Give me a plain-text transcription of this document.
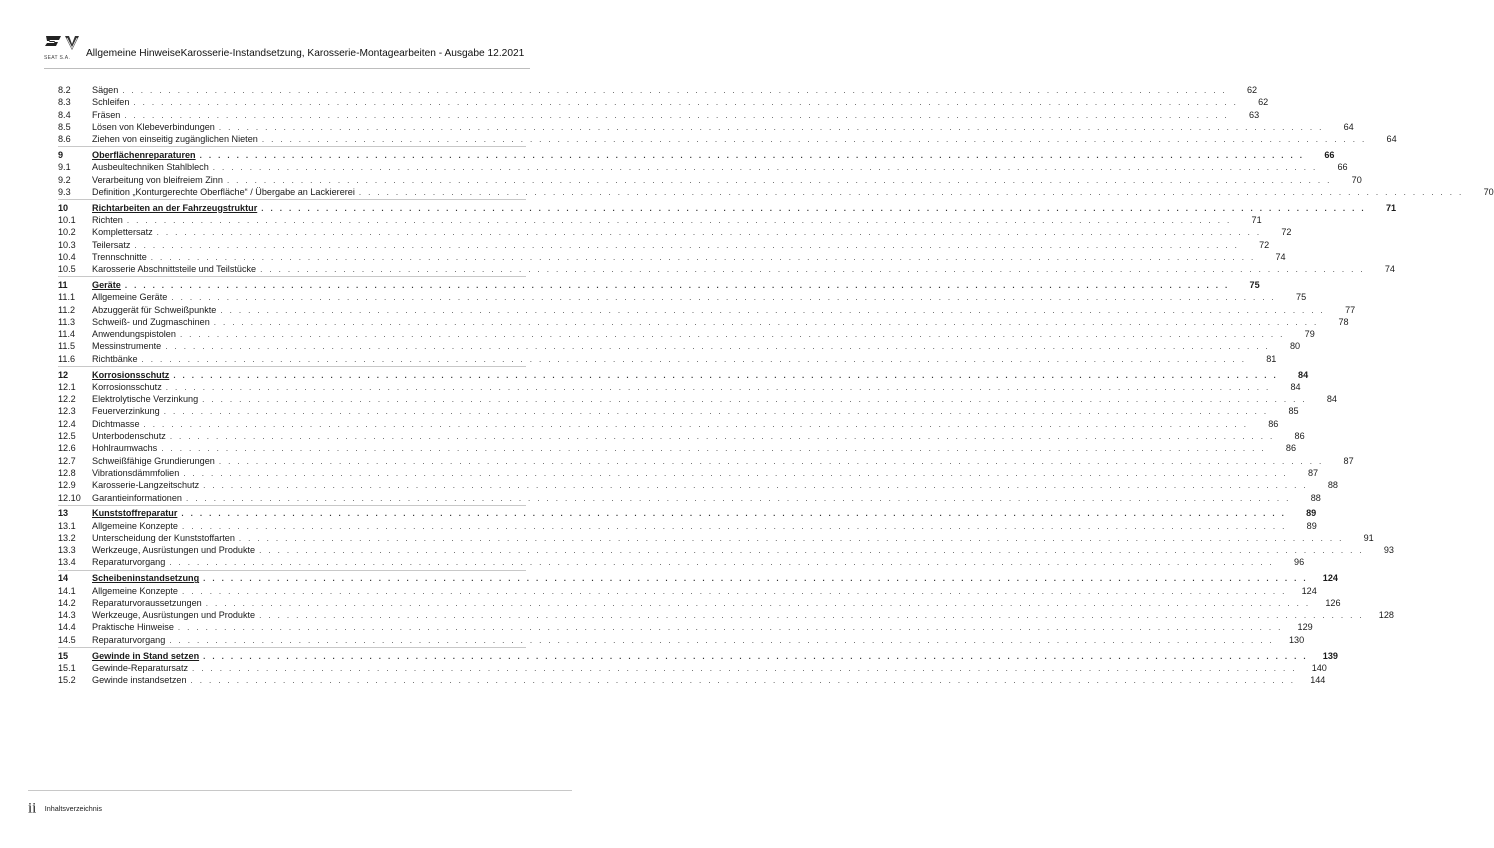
SEAT S.A. Allgemeine HinweiseKarosserie-Instandsetzung, Karosserie-Montagearbeiten - Ausgabe 12.2021
8.2	Sägen . . . . . . . . . . . . . . . . . . . . . . . . . . . . . . . . . . . . . . . . . . . . . . . . . . . . . . . . . . . . . . . . . . . . . . . . . . . . . . . . . . . . . . . . . . . . . . . . . . . . . . . . . . . . . . . . . . . . . . . .	62
8.3	Schleifen . . . . . . . . . . . . . . . . . . . . . . . . . . . . . . . . . . . . . . . . . . . . . . . . . . . . . . . . . . . . . . . . . . . . . . . . . . . . . . . . . . . . . . . . . . . . . . . . . . . . . . . . . . . . . . . . . . . . . . . .	62
8.4	Fräsen . . . . . . . . . . . . . . . . . . . . . . . . . . . . . . . . . . . . . . . . . . . . . . . . . . . . . . . . . . . . . . . . . . . . . . . . . . . . . . . . . . . . . . . . . . . . . . . . . . . . . . . . . . . . . . . . . . . . . . . .	63
8.5	Lösen von Klebeverbindungen . . . . . . . . . . . . . . . . . . . . . . . . . . . . . . . . . . . . . . . . . . . . . . . . . . . . . . . . . . . . . . . . . . . . . . . . . . . . . . . . . . . . . . . . . . . . . . . . . . . . . . . . . . . . . . . . . . . . . . . .	64
8.6	Ziehen von einseitig zugänglichen Nieten . . . . . . . . . . . . . . . . . . . . . . . . . . . . . . . . . . . . . . . . . . . . . . . . . . . . . . . . . . . . . . . . . . . . . . . . . . . . . . . . . . . . . . . . . . . . . . . . . . . . . . . . . . . . . . . . . . . . . . . .	64
9	Oberflächenreparaturen . . . . . . . . . . . . . . . . . . . . . . . . . . . . . . . . . . . . . . . . . . . . . . . . . . . . . . . . . . . . . . . . . . . . . . . . . . . . . . . . . . . . . . . . . . . . . . . . . . . . . . . . . . . . . . . . . . . . . . . .	66
9.1	Ausbeultechniken Stahlblech . . . . . . . . . . . . . . . . . . . . . . . . . . . . . . . . . . . . . . . . . . . . . . . . . . . . . . . . . . . . . . . . . . . . . . . . . . . . . . . . . . . . . . . . . . . . . . . . . . . . . . . . . . . . . . . . . . . . . . . .	66
9.2	Verarbeitung von bleifreiem Zinn . . . . . . . . . . . . . . . . . . . . . . . . . . . . . . . . . . . . . . . . . . . . . . . . . . . . . . . . . . . . . . . . . . . . . . . . . . . . . . . . . . . . . . . . . . . . . . . . . . . . . . . . . . . . . . . . . . . . . . . .	70
9.3	Definition „Konturgerechte Oberfläche“ / Übergabe an Lackiererei . . . . . . . . . . . . . . . . . . . . . . . . . . . . . . . . . . . . . . . . . . . . . . . . . . . . . . . . . . . . . . . . . . . . . . . . . . . . . . . . . . . . . . . . . . . . . . . . . . . . . . . . . . . . . . . . . . . . . . . .	70
10	Richtarbeiten an der Fahrzeugstruktur . . . . . . . . . . . . . . . . . . . . . . . . . . . . . . . . . . . . . . . . . . . . . . . . . . . . . . . . . . . . . . . . . . . . . . . . . . . . . . . . . . . . . . . . . . . . . . . . . . . . . . . . . . . . . . . . . . . . . . . .	71
10.1	Richten . . . . . . . . . . . . . . . . . . . . . . . . . . . . . . . . . . . . . . . . . . . . . . . . . . . . . . . . . . . . . . . . . . . . . . . . . . . . . . . . . . . . . . . . . . . . . . . . . . . . . . . . . . . . . . . . . . . . . . . .	71
10.2	Komplettersatz . . . . . . . . . . . . . . . . . . . . . . . . . . . . . . . . . . . . . . . . . . . . . . . . . . . . . . . . . . . . . . . . . . . . . . . . . . . . . . . . . . . . . . . . . . . . . . . . . . . . . . . . . . . . . . . . . . . . . . . .	72
10.3	Teilersatz . . . . . . . . . . . . . . . . . . . . . . . . . . . . . . . . . . . . . . . . . . . . . . . . . . . . . . . . . . . . . . . . . . . . . . . . . . . . . . . . . . . . . . . . . . . . . . . . . . . . . . . . . . . . . . . . . . . . . . . .	72
10.4	Trennschnitte . . . . . . . . . . . . . . . . . . . . . . . . . . . . . . . . . . . . . . . . . . . . . . . . . . . . . . . . . . . . . . . . . . . . . . . . . . . . . . . . . . . . . . . . . . . . . . . . . . . . . . . . . . . . . . . . . . . . . . . .	74
10.5	Karosserie Abschnittsteile und Teilstücke . . . . . . . . . . . . . . . . . . . . . . . . . . . . . . . . . . . . . . . . . . . . . . . . . . . . . . . . . . . . . . . . . . . . . . . . . . . . . . . . . . . . . . . . . . . . . . . . . . . . . . . . . . . . . . . . . . . . . . . .	74
11	Geräte . . . . . . . . . . . . . . . . . . . . . . . . . . . . . . . . . . . . . . . . . . . . . . . . . . . . . . . . . . . . . . . . . . . . . . . . . . . . . . . . . . . . . . . . . . . . . . . . . . . . . . . . . . . . . . . . . . . . . . . .	75
11.1	Allgemeine Geräte . . . . . . . . . . . . . . . . . . . . . . . . . . . . . . . . . . . . . . . . . . . . . . . . . . . . . . . . . . . . . . . . . . . . . . . . . . . . . . . . . . . . . . . . . . . . . . . . . . . . . . . . . . . . . . . . . . . . . . . .	75
11.2	Abzuggerät für Schweißpunkte . . . . . . . . . . . . . . . . . . . . . . . . . . . . . . . . . . . . . . . . . . . . . . . . . . . . . . . . . . . . . . . . . . . . . . . . . . . . . . . . . . . . . . . . . . . . . . . . . . . . . . . . . . . . . . . . . . . . . . . .	77
11.3	Schweiß- und Zugmaschinen . . . . . . . . . . . . . . . . . . . . . . . . . . . . . . . . . . . . . . . . . . . . . . . . . . . . . . . . . . . . . . . . . . . . . . . . . . . . . . . . . . . . . . . . . . . . . . . . . . . . . . . . . . . . . . . . . . . . . . . .	78
11.4	Anwendungspistolen . . . . . . . . . . . . . . . . . . . . . . . . . . . . . . . . . . . . . . . . . . . . . . . . . . . . . . . . . . . . . . . . . . . . . . . . . . . . . . . . . . . . . . . . . . . . . . . . . . . . . . . . . . . . . . . . . . . . . . . .	79
11.5	Messinstrumente . . . . . . . . . . . . . . . . . . . . . . . . . . . . . . . . . . . . . . . . . . . . . . . . . . . . . . . . . . . . . . . . . . . . . . . . . . . . . . . . . . . . . . . . . . . . . . . . . . . . . . . . . . . . . . . . . . . . . . . .	80
11.6	Richtbänke . . . . . . . . . . . . . . . . . . . . . . . . . . . . . . . . . . . . . . . . . . . . . . . . . . . . . . . . . . . . . . . . . . . . . . . . . . . . . . . . . . . . . . . . . . . . . . . . . . . . . . . . . . . . . . . . . . . . . . . .	81
12	Korrosionsschutz . . . . . . . . . . . . . . . . . . . . . . . . . . . . . . . . . . . . . . . . . . . . . . . . . . . . . . . . . . . . . . . . . . . . . . . . . . . . . . . . . . . . . . . . . . . . . . . . . . . . . . . . . . . . . . . . . . . . . . . .	84
12.1	Korrosionsschutz . . . . . . . . . . . . . . . . . . . . . . . . . . . . . . . . . . . . . . . . . . . . . . . . . . . . . . . . . . . . . . . . . . . . . . . . . . . . . . . . . . . . . . . . . . . . . . . . . . . . . . . . . . . . . . . . . . . . . . . .	84
12.2	Elektrolytische Verzinkung . . . . . . . . . . . . . . . . . . . . . . . . . . . . . . . . . . . . . . . . . . . . . . . . . . . . . . . . . . . . . . . . . . . . . . . . . . . . . . . . . . . . . . . . . . . . . . . . . . . . . . . . . . . . . . . . . . . . . . . .	84
12.3	Feuerverzinkung . . . . . . . . . . . . . . . . . . . . . . . . . . . . . . . . . . . . . . . . . . . . . . . . . . . . . . . . . . . . . . . . . . . . . . . . . . . . . . . . . . . . . . . . . . . . . . . . . . . . . . . . . . . . . . . . . . . . . . . .	85
12.4	Dichtmasse . . . . . . . . . . . . . . . . . . . . . . . . . . . . . . . . . . . . . . . . . . . . . . . . . . . . . . . . . . . . . . . . . . . . . . . . . . . . . . . . . . . . . . . . . . . . . . . . . . . . . . . . . . . . . . . . . . . . . . . .	86
12.5	Unterbodenschutz . . . . . . . . . . . . . . . . . . . . . . . . . . . . . . . . . . . . . . . . . . . . . . . . . . . . . . . . . . . . . . . . . . . . . . . . . . . . . . . . . . . . . . . . . . . . . . . . . . . . . . . . . . . . . . . . . . . . . . . .	86
12.6	Hohlraumwachs . . . . . . . . . . . . . . . . . . . . . . . . . . . . . . . . . . . . . . . . . . . . . . . . . . . . . . . . . . . . . . . . . . . . . . . . . . . . . . . . . . . . . . . . . . . . . . . . . . . . . . . . . . . . . . . . . . . . . . . .	86
12.7	Schweißfähige Grundierungen . . . . . . . . . . . . . . . . . . . . . . . . . . . . . . . . . . . . . . . . . . . . . . . . . . . . . . . . . . . . . . . . . . . . . . . . . . . . . . . . . . . . . . . . . . . . . . . . . . . . . . . . . . . . . . . . . . . . . . . .	87
12.8	Vibrationsdämmfolien . . . . . . . . . . . . . . . . . . . . . . . . . . . . . . . . . . . . . . . . . . . . . . . . . . . . . . . . . . . . . . . . . . . . . . . . . . . . . . . . . . . . . . . . . . . . . . . . . . . . . . . . . . . . . . . . . . . . . . . .	87
12.9	Karosserie-Langzeitschutz . . . . . . . . . . . . . . . . . . . . . . . . . . . . . . . . . . . . . . . . . . . . . . . . . . . . . . . . . . . . . . . . . . . . . . . . . . . . . . . . . . . . . . . . . . . . . . . . . . . . . . . . . . . . . . . . . . . . . . . .	88
12.10	Garantieinformationen . . . . . . . . . . . . . . . . . . . . . . . . . . . . . . . . . . . . . . . . . . . . . . . . . . . . . . . . . . . . . . . . . . . . . . . . . . . . . . . . . . . . . . . . . . . . . . . . . . . . . . . . . . . . . . . . . . . . . . . .	88
13	Kunststoffreparatur . . . . . . . . . . . . . . . . . . . . . . . . . . . . . . . . . . . . . . . . . . . . . . . . . . . . . . . . . . . . . . . . . . . . . . . . . . . . . . . . . . . . . . . . . . . . . . . . . . . . . . . . . . . . . . . . . . . . . . . .	89
13.1	Allgemeine Konzepte . . . . . . . . . . . . . . . . . . . . . . . . . . . . . . . . . . . . . . . . . . . . . . . . . . . . . . . . . . . . . . . . . . . . . . . . . . . . . . . . . . . . . . . . . . . . . . . . . . . . . . . . . . . . . . . . . . . . . . . .	89
13.2	Unterscheidung der Kunststoffarten . . . . . . . . . . . . . . . . . . . . . . . . . . . . . . . . . . . . . . . . . . . . . . . . . . . . . . . . . . . . . . . . . . . . . . . . . . . . . . . . . . . . . . . . . . . . . . . . . . . . . . . . . . . . . . . . . . . . . . . .	91
13.3	Werkzeuge, Ausrüstungen und Produkte . . . . . . . . . . . . . . . . . . . . . . . . . . . . . . . . . . . . . . . . . . . . . . . . . . . . . . . . . . . . . . . . . . . . . . . . . . . . . . . . . . . . . . . . . . . . . . . . . . . . . . . . . . . . . . . . . . . . . . . .	93
13.4	Reparaturvorgang . . . . . . . . . . . . . . . . . . . . . . . . . . . . . . . . . . . . . . . . . . . . . . . . . . . . . . . . . . . . . . . . . . . . . . . . . . . . . . . . . . . . . . . . . . . . . . . . . . . . . . . . . . . . . . . . . . . . . . . .	96
14	Scheibeninstandsetzung . . . . . . . . . . . . . . . . . . . . . . . . . . . . . . . . . . . . . . . . . . . . . . . . . . . . . . . . . . . . . . . . . . . . . . . . . . . . . . . . . . . . . . . . . . . . . . . . . . . . . . . . . . . . . . . . . . . . . . . .	124
14.1	Allgemeine Konzepte . . . . . . . . . . . . . . . . . . . . . . . . . . . . . . . . . . . . . . . . . . . . . . . . . . . . . . . . . . . . . . . . . . . . . . . . . . . . . . . . . . . . . . . . . . . . . . . . . . . . . . . . . . . . . . . . . . . . . . . .	124
14.2	Reparaturvoraussetzungen . . . . . . . . . . . . . . . . . . . . . . . . . . . . . . . . . . . . . . . . . . . . . . . . . . . . . . . . . . . . . . . . . . . . . . . . . . . . . . . . . . . . . . . . . . . . . . . . . . . . . . . . . . . . . . . . . . . . . . . .	126
14.3	Werkzeuge, Ausrüstungen und Produkte . . . . . . . . . . . . . . . . . . . . . . . . . . . . . . . . . . . . . . . . . . . . . . . . . . . . . . . . . . . . . . . . . . . . . . . . . . . . . . . . . . . . . . . . . . . . . . . . . . . . . . . . . . . . . . . . . . . . . . . .	128
14.4	Praktische Hinweise . . . . . . . . . . . . . . . . . . . . . . . . . . . . . . . . . . . . . . . . . . . . . . . . . . . . . . . . . . . . . . . . . . . . . . . . . . . . . . . . . . . . . . . . . . . . . . . . . . . . . . . . . . . . . . . . . . . . . . . .	129
14.5	Reparaturvorgang . . . . . . . . . . . . . . . . . . . . . . . . . . . . . . . . . . . . . . . . . . . . . . . . . . . . . . . . . . . . . . . . . . . . . . . . . . . . . . . . . . . . . . . . . . . . . . . . . . . . . . . . . . . . . . . . . . . . . . . .	130
15	Gewinde in Stand setzen . . . . . . . . . . . . . . . . . . . . . . . . . . . . . . . . . . . . . . . . . . . . . . . . . . . . . . . . . . . . . . . . . . . . . . . . . . . . . . . . . . . . . . . . . . . . . . . . . . . . . . . . . . . . . . . . . . . . . . . .	139
15.1	Gewinde-Reparatursatz . . . . . . . . . . . . . . . . . . . . . . . . . . . . . . . . . . . . . . . . . . . . . . . . . . . . . . . . . . . . . . . . . . . . . . . . . . . . . . . . . . . . . . . . . . . . . . . . . . . . . . . . . . . . . . . . . . . . . . . .	140
15.2	Gewinde instandsetzen . . . . . . . . . . . . . . . . . . . . . . . . . . . . . . . . . . . . . . . . . . . . . . . . . . . . . . . . . . . . . . . . . . . . . . . . . . . . . . . . . . . . . . . . . . . . . . . . . . . . . . . . . . . . . . . . . . . . . . . .	144
ii Inhaltsverzeichnis
